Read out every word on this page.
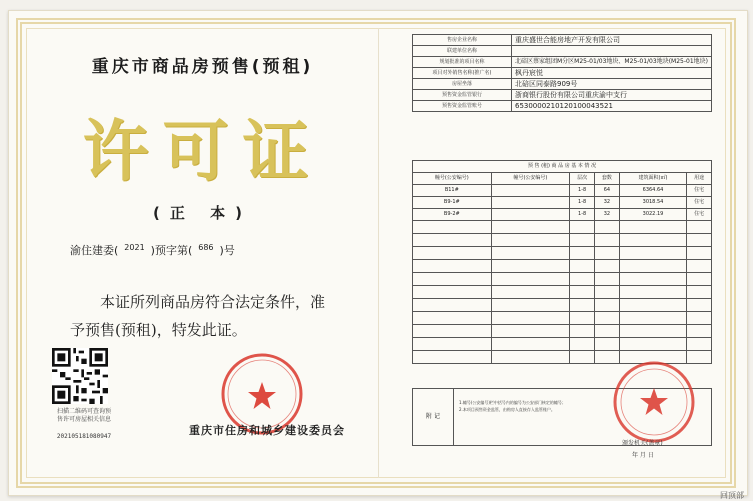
重庆市商品房预售(预租)
许可证
(正 本)
渝住建委( 2021 )预字第( 686 )号

本证所列商品房符合法定条件，准

予预售(预租)，特发此证。
扫描二维码可查询预
售许可房屋相关信息
2021051810809​47	重庆市住房和城乡建设委员会
售房企业名称	重庆盛世合能房地产开发有限公司
联建单位名称	
规划批准的项目名称	北碚区蔡家组团M分区M25-01/03地块、M25-01/03地块(M25-01地块)
项目对外销售名称(推广名)	枫丹宸悦
房屋坐落	北碚区同泰路909号
预售资金监管银行	浙商银行股份有限公司重庆渝中支行
预售资金监管账号	6530000210120100043521
预 售 (租) 商 品 房 基 本 情 况					
幢号(公安编号)	幢号(公安编号)	层次	套数	建筑面积(㎡)	用途
B11#		1-8	64	6364.64	住宅
B9-1#		1-8	32	3018.54	住宅
B9-2#		1-8	32	3022.19	住宅

附 记
1.幢号(公安编号)栏中括号内的编号为公安部门核定的幢号；
2.本项目预售资金监管，由购房人直接存入监管账户。
颁发机关(盖章)
年 月 日
回顶部
